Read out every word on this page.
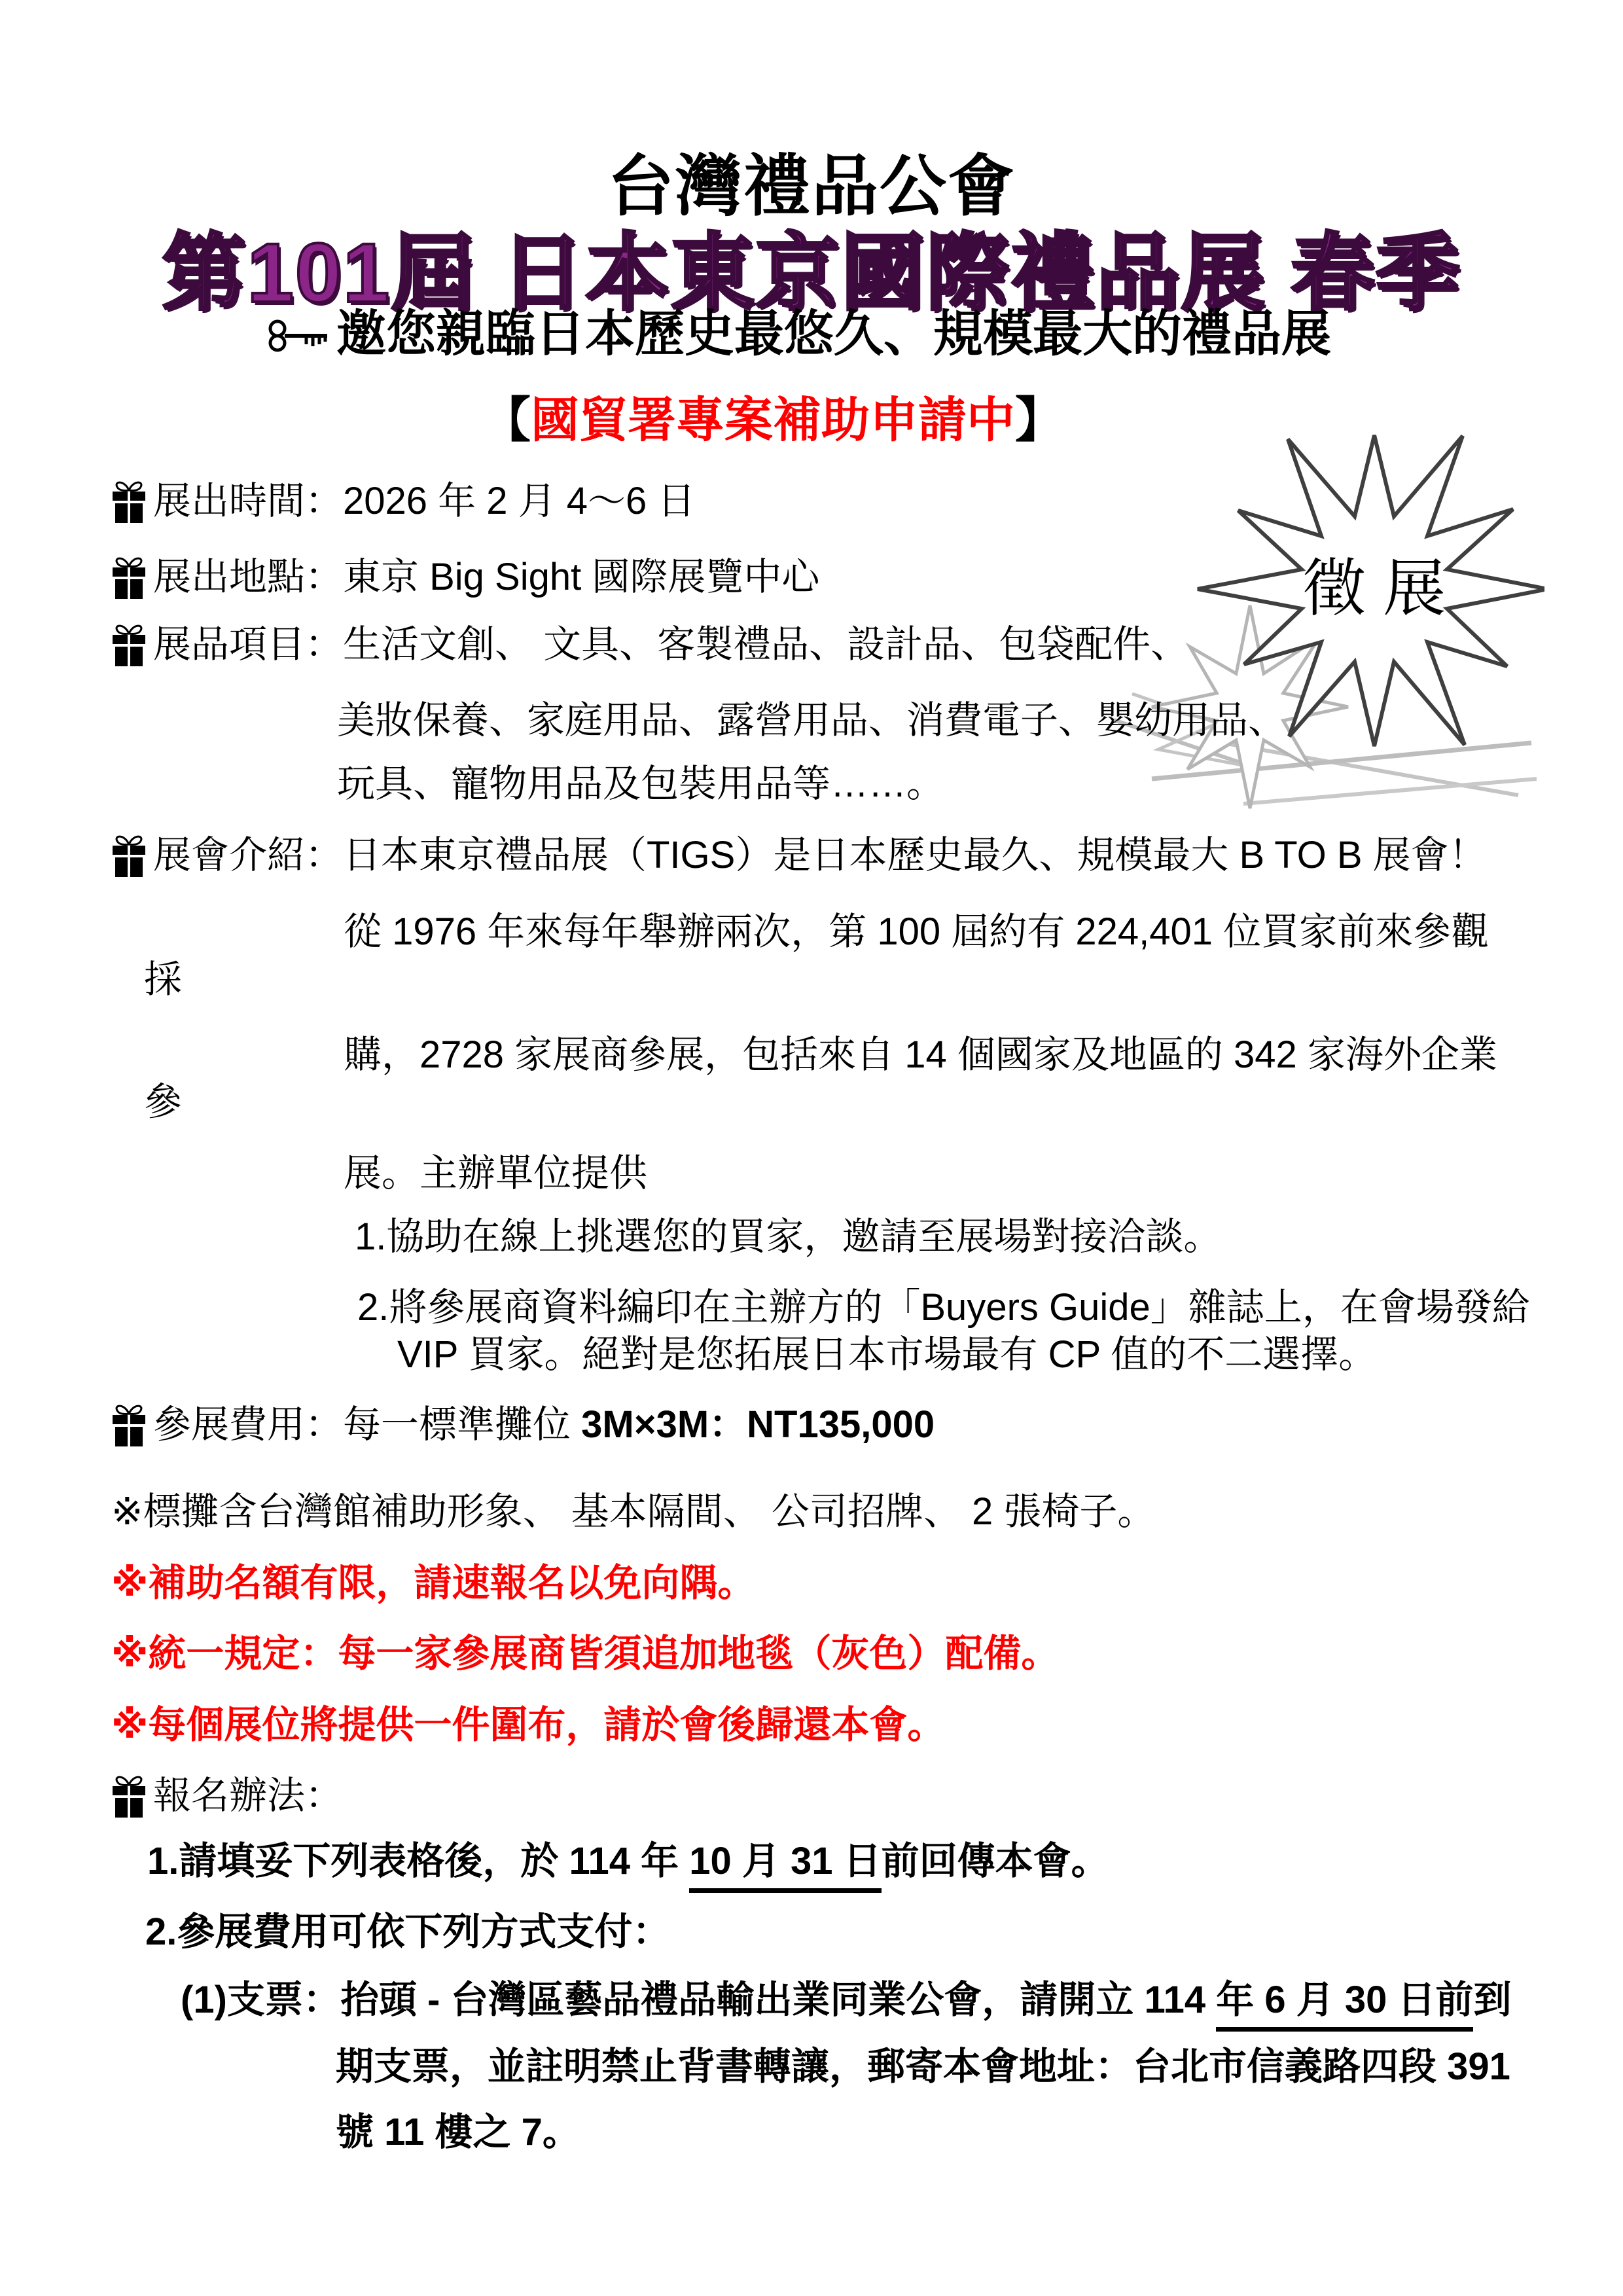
台灣禮品公會
第101屆 日本東京國際禮品展 春季
邀您親臨日本歷史最悠久、規模最大的禮品展
【國貿署專案補助申請中】
徵 展
展出時間：2026 年 2 月 4～6 日
展出地點：東京 Big Sight 國際展覽中心
展品項目：生活文創、 文具、客製禮品、設計品、包袋配件、
美妝保養、家庭用品、露營用品、消費電子、嬰幼用品、
玩具、寵物用品及包裝用品等……。
展會介紹：日本東京禮品展（TIGS）是日本歷史最久、規模最大 B TO B 展會！
從 1976 年來每年舉辦兩次，第 100 屆約有 224,401 位買家前來參觀
採
購，2728 家展商參展，包括來自 14 個國家及地區的 342 家海外企業
參
展。主辦單位提供
1.協助在線上挑選您的買家，邀請至展場對接洽談。
2.將參展商資料編印在主辦方的「Buyers Guide」雜誌上，在會場發給
VIP 買家。絕對是您拓展日本市場最有 CP 值的不二選擇。
參展費用：每一標準攤位 3M×3M：NT135,000
※標攤含台灣館補助形象、 基本隔間、 公司招牌、 2 張椅子。
※補助名額有限，請速報名以免向隅。
※統一規定：每一家參展商皆須追加地毯（灰色）配備。
※每個展位將提供一件圍布，請於會後歸還本會。
報名辦法：
1.請填妥下列表格後，於 114 年 10 月 31 日前回傳本會。
2.參展費用可依下列方式支付：
(1)支票：抬頭 - 台灣區藝品禮品輸出業同業公會，請開立 114 年 6 月 30 日前到
期支票，並註明禁止背書轉讓，郵寄本會地址：台北市信義路四段 391
號 11 樓之 7。
